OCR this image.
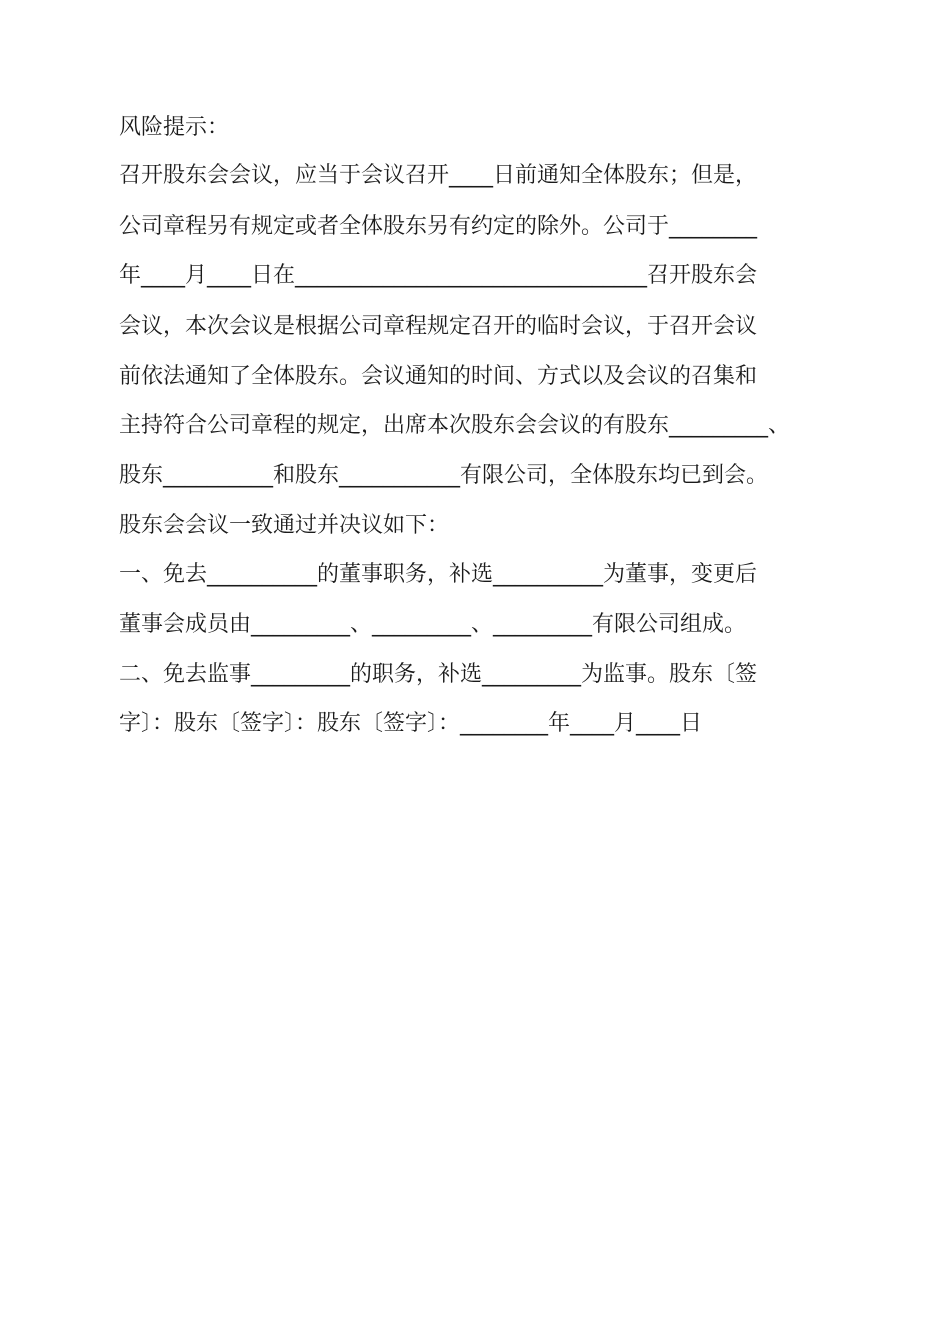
风险提示：
召开股东会会议，应当于会议召开____日前通知全体股东；但是，
公司章程另有规定或者全体股东另有约定的除外。公司于________
年____月____日在________________________________召开股东会
会议，本次会议是根据公司章程规定召开的临时会议，于召开会议
前依法通知了全体股东。会议通知的时间、方式以及会议的召集和
主持符合公司章程的规定，出席本次股东会会议的有股东_________、
股东__________和股东___________有限公司，全体股东均已到会。
股东会会议一致通过并决议如下：
一、免去__________的董事职务，补选__________为董事，变更后
董事会成员由_________、_________、_________有限公司组成。
二、免去监事_________的职务，补选_________为监事。股东〔签
字〕：股东〔签字〕：股东〔签字〕：________年____月____日
